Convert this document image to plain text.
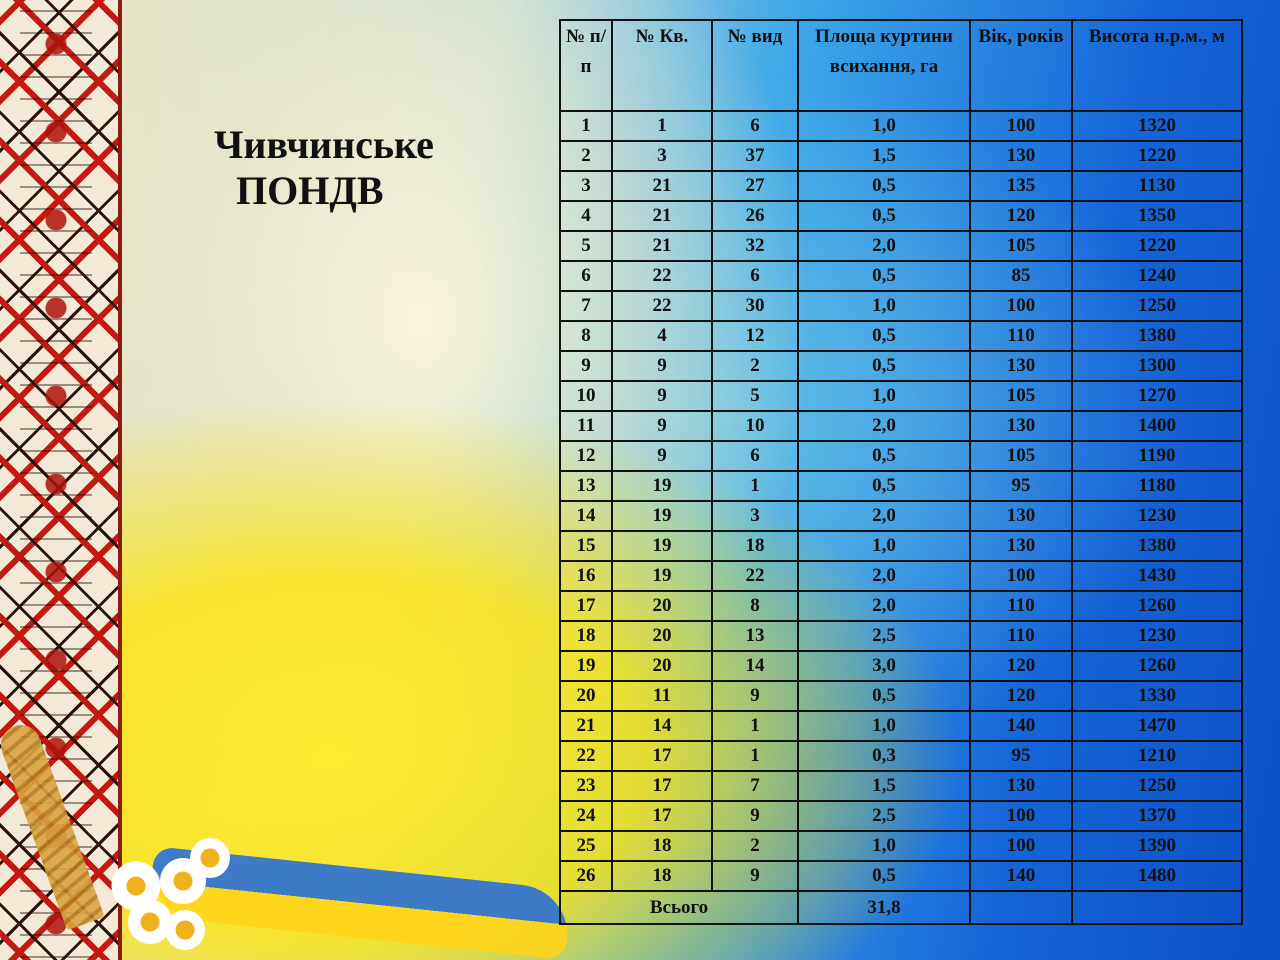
Чивчинське
ПОНДВ
№ п/п	№ Кв.	№ вид	Площа куртини всихання, га	Вік, років	Висота н.р.м., м
1	1	6	1,0	100	1320
2	3	37	1,5	130	1220
3	21	27	0,5	135	1130
4	21	26	0,5	120	1350
5	21	32	2,0	105	1220
6	22	6	0,5	85	1240
7	22	30	1,0	100	1250
8	4	12	0,5	110	1380
9	9	2	0,5	130	1300
10	9	5	1,0	105	1270
11	9	10	2,0	130	1400
12	9	6	0,5	105	1190
13	19	1	0,5	95	1180
14	19	3	2,0	130	1230
15	19	18	1,0	130	1380
16	19	22	2,0	100	1430
17	20	8	2,0	110	1260
18	20	13	2,5	110	1230
19	20	14	3,0	120	1260
20	11	9	0,5	120	1330
21	14	1	1,0	140	1470
22	17	1	0,3	95	1210
23	17	7	1,5	130	1250
24	17	9	2,5	100	1370
25	18	2	1,0	100	1390
26	18	9	0,5	140	1480
Всього			31,8		
